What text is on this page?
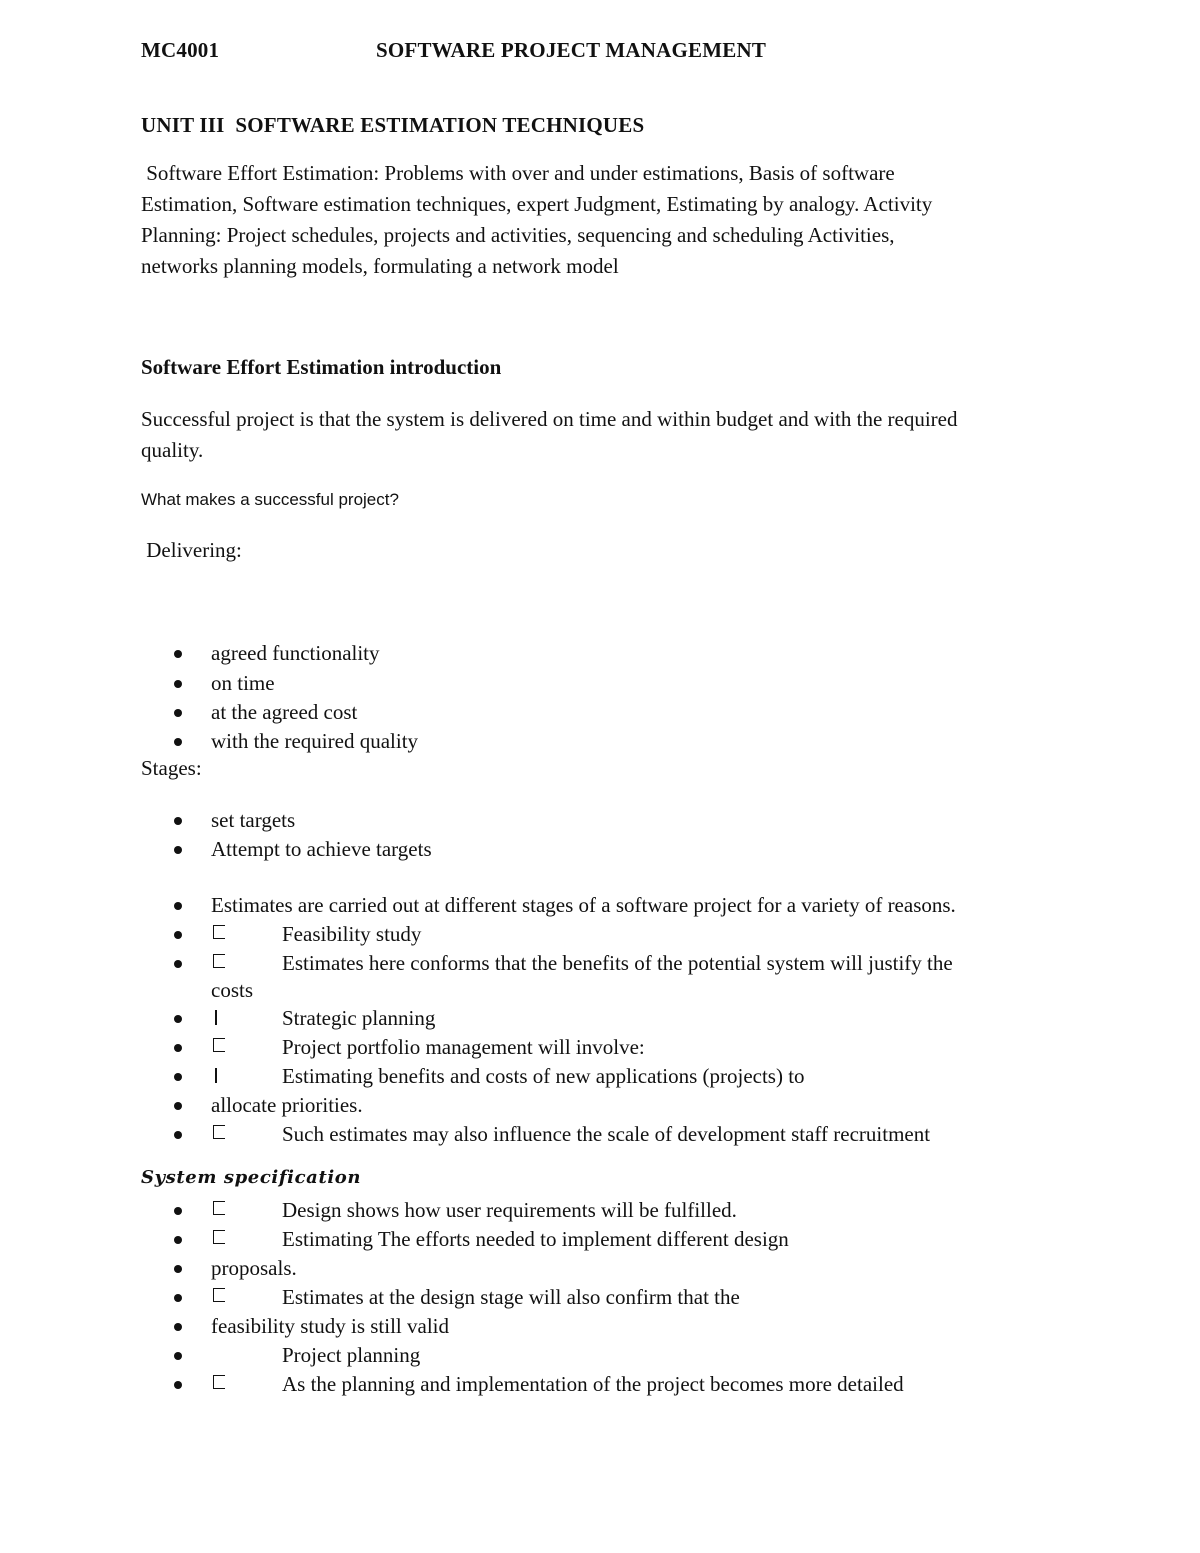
MC4001	SOFTWARE PROJECT MANAGEMENT
UNIT III  SOFTWARE ESTIMATION TECHNIQUES
Software Effort Estimation: Problems with over and under estimations, Basis of software
Estimation, Software estimation techniques, expert Judgment, Estimating by analogy. Activity
Planning: Project schedules, projects and activities, sequencing and scheduling Activities,
networks planning models, formulating a network model
Software Effort Estimation introduction
Successful project is that the system is delivered on time and within budget and with the required
quality.
What makes a successful project?
Delivering:
agreed functionality
on time
at the agreed cost
with the required quality
Stages:
set targets
Attempt to achieve targets
Estimates are carried out at different stages of a software project for a variety of reasons.
Feasibility study
Estimates here conforms that the benefits of the potential system will justify the
costs
Strategic planning
Project portfolio management will involve:
Estimating benefits and costs of new applications (projects) to
allocate priorities.
Such estimates may also influence the scale of development staff recruitment
System specification
Design shows how user requirements will be fulfilled.
Estimating The efforts needed to implement different design
proposals.
Estimates at the design stage will also confirm that the
feasibility study is still valid
Project planning
As the planning and implementation of the project becomes more detailed
